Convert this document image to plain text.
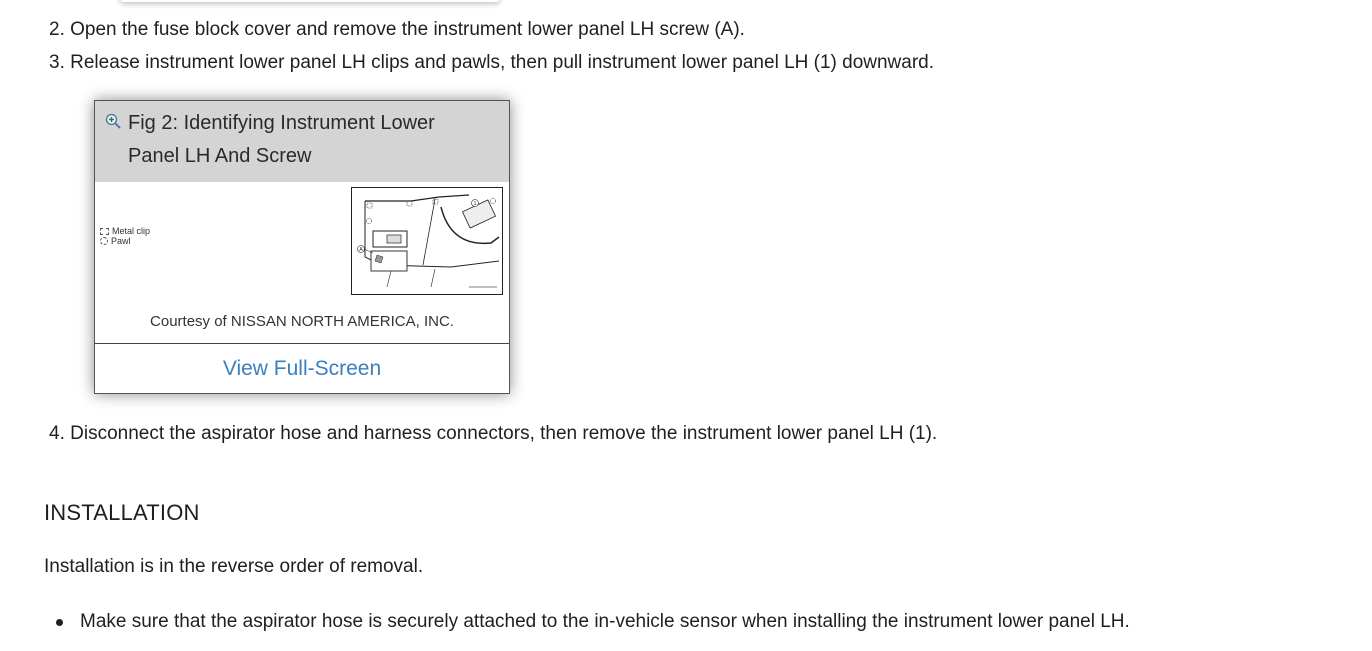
2. Open the fuse block cover and remove the instrument lower panel LH screw (A).
3. Release instrument lower panel LH clips and pawls, then pull instrument lower panel LH (1) downward.
Fig 2: Identifying Instrument Lower Panel LH And Screw
Metal clip
Pawl
A
1
Courtesy of NISSAN NORTH AMERICA, INC.
View Full-Screen
4. Disconnect the aspirator hose and harness connectors, then remove the instrument lower panel LH (1).
INSTALLATION
Installation is in the reverse order of removal.
Make sure that the aspirator hose is securely attached to the in-vehicle sensor when installing the instrument lower panel LH.
